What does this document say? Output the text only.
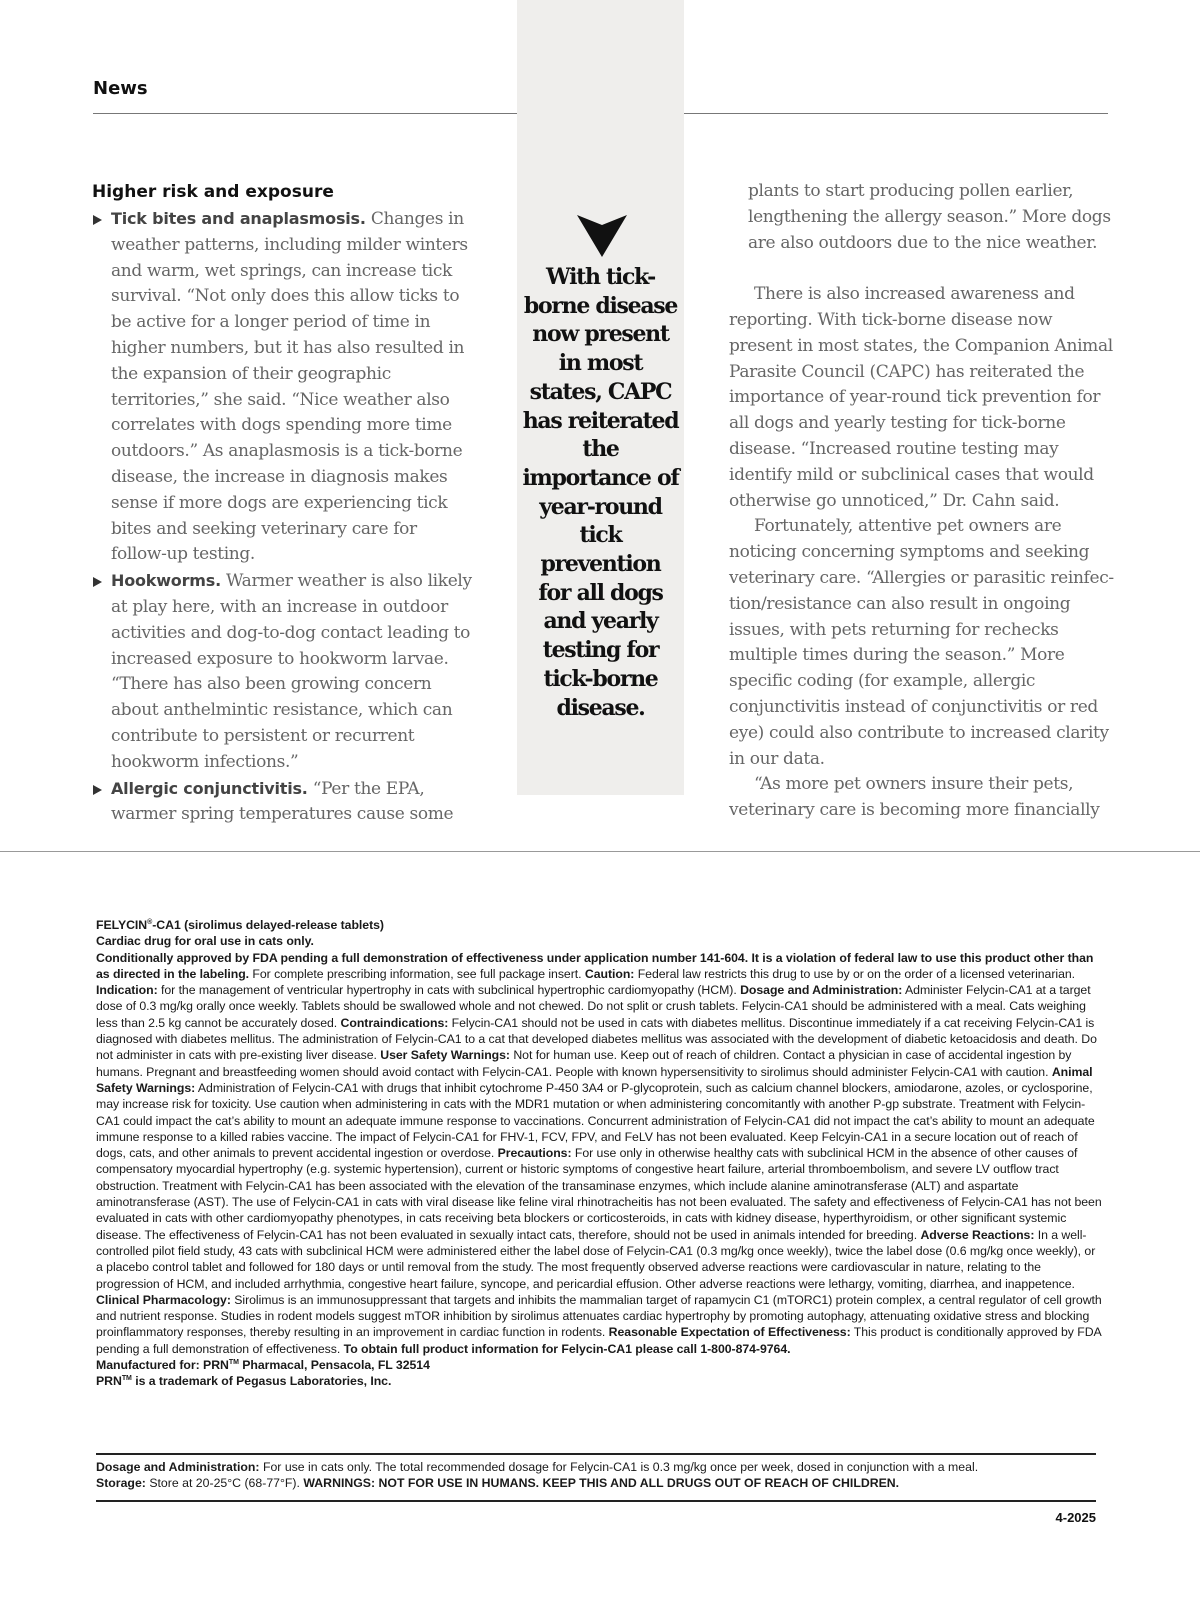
News

With tick-borne disease now present in most states, CAPC has reiterated the importance of year-round tick prevention for all dogs and yearly testing for tick-borne disease.

Higher risk and exposure
Tick bites and anaplasmosis. Changes in weather patterns, including milder winters and warm, wet springs, can increase tick survival. “Not only does this allow ticks to be active for a longer period of time in higher numbers, but it has also resulted in the expansion of their geographic territories,” she said. “Nice weather also correlates with dogs spending more time outdoors.” As anaplasmosis is a tick-borne disease, the increase in diagnosis makes sense if more dogs are experiencing tick bites and seeking veterinary care for follow-up testing.
Hookworms. Warmer weather is also likely at play here, with an increase in outdoor activities and dog-to-dog contact leading to increased exposure to hookworm larvae. “There has also been growing concern about anthelmintic resistance, which can contribute to persistent or recurrent hookworm infections.”
Allergic conjunctivitis. “Per the EPA, warmer spring temperatures cause some

plants to start producing pollen earlier, lengthening the allergy season.” More dogs are also outdoors due to the nice weather.

There is also increased awareness and reporting. With tick-borne disease now present in most states, the Companion Animal Parasite Council (CAPC) has reiterated the importance of year-round tick prevention for all dogs and yearly testing for tick-borne disease. “Increased routine testing may identify mild or subclinical cases that would otherwise go unnoticed,” Dr. Cahn said.

Fortunately, attentive pet owners are noticing concerning symptoms and seeking veterinary care. “Allergies or parasitic reinfection/resistance can also result in ongoing issues, with pets returning for rechecks multiple times during the season.” More specific coding (for example, allergic conjunctivitis instead of conjunctivitis or red eye) could also contribute to increased clarity in our data.

“As more pet owners insure their pets, veterinary care is becoming more financially

FELYCIN®-CA1 (sirolimus delayed-release tablets)

Cardiac drug for oral use in cats only.

Conditionally approved by FDA pending a full demonstration of effectiveness under application number 141-604. It is a violation of federal law to use this product other than as directed in the labeling. For complete prescribing information, see full package insert. Caution: Federal law restricts this drug to use by or on the order of a licensed veterinarian. Indication: for the management of ventricular hypertrophy in cats with subclinical hypertrophic cardiomyopathy (HCM). Dosage and Administration: Administer Felycin-CA1 at a target dose of 0.3 mg/kg orally once weekly. Tablets should be swallowed whole and not chewed. Do not split or crush tablets. Felycin-CA1 should be administered with a meal. Cats weighing less than 2.5 kg cannot be accurately dosed. Contraindications: Felycin-CA1 should not be used in cats with diabetes mellitus. Discontinue immediately if a cat receiving Felycin-CA1 is diagnosed with diabetes mellitus. The administration of Felycin-CA1 to a cat that developed diabetes mellitus was associated with the development of diabetic ketoacidosis and death. Do not administer in cats with pre-existing liver disease. User Safety Warnings: Not for human use. Keep out of reach of children. Contact a physician in case of accidental ingestion by humans. Pregnant and breastfeeding women should avoid contact with Felycin-CA1. People with known hypersensitivity to sirolimus should administer Felycin-CA1 with caution. Animal Safety Warnings: Administration of Felycin-CA1 with drugs that inhibit cytochrome P-450 3A4 or P-glycoprotein, such as calcium channel blockers, amiodarone, azoles, or cyclosporine, may increase risk for toxicity. Use caution when administering in cats with the MDR1 mutation or when administering concomitantly with another P-gp substrate. Treatment with Felycin-CA1 could impact the cat’s ability to mount an adequate immune response to vaccinations. Concurrent administration of Felycin-CA1 did not impact the cat’s ability to mount an adequate immune response to a killed rabies vaccine. The impact of Felycin-CA1 for FHV-1, FCV, FPV, and FeLV has not been evaluated. Keep Felcyin-CA1 in a secure location out of reach of dogs, cats, and other animals to prevent accidental ingestion or overdose. Precautions: For use only in otherwise healthy cats with subclinical HCM in the absence of other causes of compensatory myocardial hypertrophy (e.g. systemic hypertension), current or historic symptoms of congestive heart failure, arterial thromboembolism, and severe LV outflow tract obstruction. Treatment with Felycin-CA1 has been associated with the elevation of the transaminase enzymes, which include alanine aminotransferase (ALT) and aspartate aminotransferase (AST). The use of Felycin-CA1 in cats with viral disease like feline viral rhinotracheitis has not been evaluated. The safety and effectiveness of Felycin-CA1 has not been evaluated in cats with other cardiomyopathy phenotypes, in cats receiving beta blockers or corticosteroids, in cats with kidney disease, hyperthyroidism, or other significant systemic disease. The effectiveness of Felycin-CA1 has not been evaluated in sexually intact cats, therefore, should not be used in animals intended for breeding. Adverse Reactions: In a well-controlled pilot field study, 43 cats with subclinical HCM were administered either the label dose of Felycin-CA1 (0.3 mg/kg once weekly), twice the label dose (0.6 mg/kg once weekly), or a placebo control tablet and followed for 180 days or until removal from the study. The most frequently observed adverse reactions were cardiovascular in nature, relating to the progression of HCM, and included arrhythmia, congestive heart failure, syncope, and pericardial effusion. Other adverse reactions were lethargy, vomiting, diarrhea, and inappetence. Clinical Pharmacology: Sirolimus is an immunosuppressant that targets and inhibits the mammalian target of rapamycin C1 (mTORC1) protein complex, a central regulator of cell growth and nutrient response. Studies in rodent models suggest mTOR inhibition by sirolimus attenuates cardiac hypertrophy by promoting autophagy, attenuating oxidative stress and blocking proinflammatory responses, thereby resulting in an improvement in cardiac function in rodents. Reasonable Expectation of Effectiveness: This product is conditionally approved by FDA pending a full demonstration of effectiveness. To obtain full product information for Felycin-CA1 please call 1-800-874-9764.

Manufactured for: PRN™ Pharmacal, Pensacola, FL 32514

PRN™ is a trademark of Pegasus Laboratories, Inc.

Dosage and Administration: For use in cats only. The total recommended dosage for Felycin-CA1 is 0.3 mg/kg once per week, dosed in conjunction with a meal.

Storage: Store at 20-25°C (68-77°F). WARNINGS: NOT FOR USE IN HUMANS. KEEP THIS AND ALL DRUGS OUT OF REACH OF CHILDREN.

4-2025
